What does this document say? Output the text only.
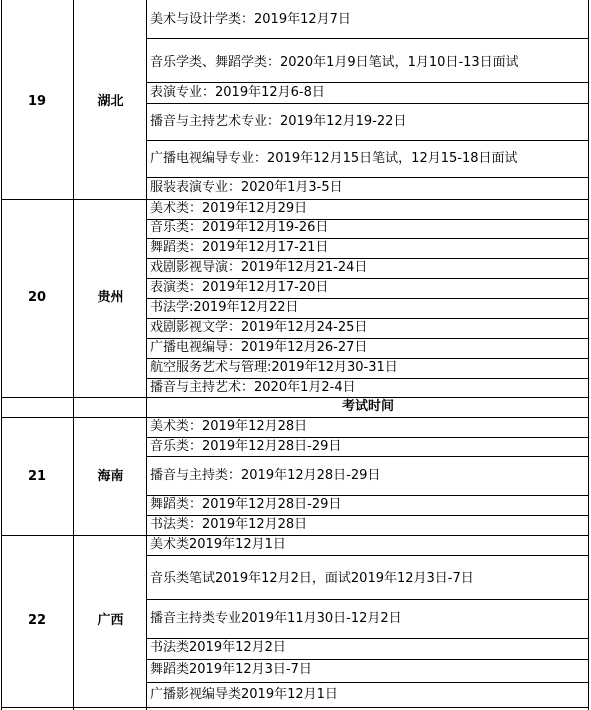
19	湖北
美术与设计学类：2019年12月7日
音乐学类、舞蹈学类：2020年1月9日笔试，1月10日-13日面试
表演专业：2019年12月6-8日
播音与主持艺术专业：2019年12月19-22日
广播电视编导专业：2019年12月15日笔试，12月15-18日面试
服装表演专业：2020年1月3-5日
20	贵州
美术类：2019年12月29日
音乐类：2019年12月19-26日
舞蹈类：2019年12月17-21日
戏剧影视导演：2019年12月21-24日
表演类：2019年12月17-20日
书法学:2019年12月22日
戏剧影视文学：2019年12月24-25日
广播电视编导：2019年12月26-27日
航空服务艺术与管理:2019年12月30-31日
播音与主持艺术：2020年1月2-4日
考试时间
21	海南
美术类：2019年12月28日
音乐类：2019年12月28日-29日
播音与主持类：2019年12月28日-29日
舞蹈类：2019年12月28日-29日
书法类：2019年12月28日
22	广西
美术类2019年12月1日
音乐类笔试2019年12月2日，面试2019年12月3日-7日
播音主持类专业2019年11月30日-12月2日
书法类2019年12月2日
舞蹈类2019年12月3日-7日
广播影视编导类2019年12月1日
